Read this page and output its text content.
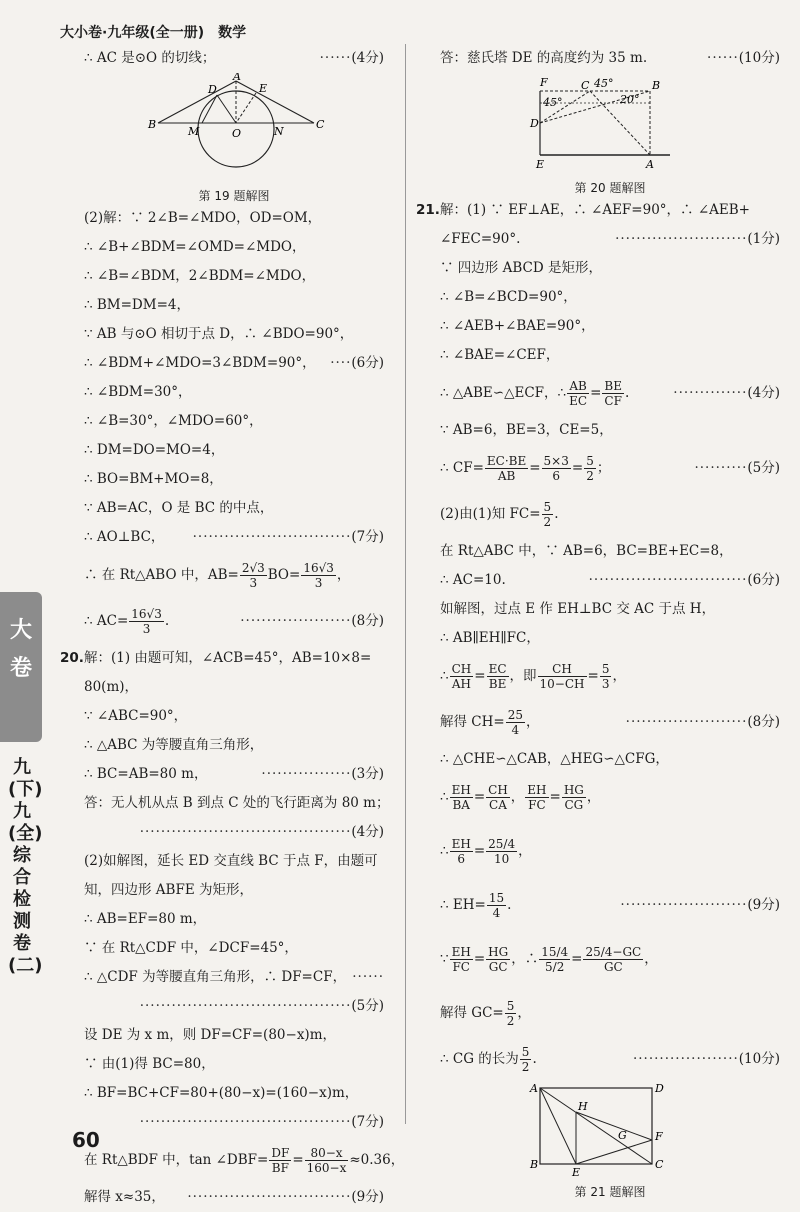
大小卷·九年级(全一册) 数学
∴ AC 是⊙O 的切线；	······(4分)
A
D	E
B
M	O	N
C
第 19 题解图
(2)解：∵ 2∠B=∠MDO，OD=OM，
∴ ∠B+∠BDM=∠OMD=∠MDO，
∴ ∠B=∠BDM，2∠BDM=∠MDO，
∴ BM=DM=4，
∵ AB 与⊙O 相切于点 D，∴ ∠BDO=90°，
∴ ∠BDM+∠MDO=3∠BDM=90°， ····(6分)
∴ ∠BDM=30°，
∴ ∠B=30°，∠MDO=60°，
∴ DM=DO=MO=4，
∴ BO=BM+MO=8，
∵ AB=AC，O 是 BC 的中点，
∴ AO⊥BC， ······························(7分)
∴ 在 Rt△ABO 中，$AB= \frac{2√3}{3} BO= \frac{16√3}{3}$ ，
∴ $AC= \frac{16√3}{3}$ .	·····················(8分)
20. 解：(1) 由题可知，∠ACB=45°，AB=10×8=
80(m)，
∵ ∠ABC=90°，
∴ △ABC 为等腰直角三角形，
∴ BC=AB=80 m，	·················(3分)
答：无人机从点 B 到点 C 处的飞行距离为 80 m；
········································(4分)
(2)如解图，延长 ED 交直线 BC 于点 F，由题可
知，四边形 ABFE 为矩形，
∴ AB=EF=80 m，
∵ 在 Rt△CDF 中，∠DCF=45°，
∴ △CDF 为等腰直角三角形，∴ DF=CF， ······
········································(5分)
设 DE 为 x m，则 DF=CF=(80−x)m，
∵ 由(1)得 BC=80，
∴ BF=BC+CF=80+(80−x)=(160−x)m，
········································(7分)
在 Rt△BDF 中，tan ∠DBF= $\frac{DF}{BF} = \frac{80-x}{160-x} \approx 0.36$，
解得 x≈35， ·······························(9分)
答：慈氏塔 DE 的高度约为 35 m.	······(10分)
F	C	B
D
E	A
45°
45°	20°
第 20 题解图
21. 解：(1) ∵ EF⊥AE，∴ ∠AEF=90°，∴ ∠AEB+
∠FEC=90°.	·························(1分)
∵ 四边形 ABCD 是矩形，
∴ ∠B=∠BCD=90°，
∴ ∠AEB+∠BAE=90°，
∴ ∠BAE=∠CEF，
∴ △ABE∽△ECF，∴ $\frac{AB}{EC} = \frac{BE}{CF}$ .	··············(4分)
∵ AB=6，BE=3，CE=5，
∴ $CF= \frac{EC\cdot BE}{AB} = \frac{5\times 3}{6} = \frac{5}{2}$ ；	··········(5分)
(2)由(1)知 $FC= \frac{5}{2}$ .
在 Rt△ABC 中，∵ AB=6，BC=BE+EC=8，
∴ AC=10.	······························(6分)
如解图，过点 E 作 EH⊥BC 交 AC 于点 H，
∴ AB∥EH∥FC，
∴ $\frac{CH}{AH} = \frac{EC}{BE}$ ，即 $\frac{CH}{10-CH} = \frac{5}{3}$ ，
解得 $CH= \frac{25}{4}$ ，	·······················(8分)
∴ △CHE∽△CAB，△HEG∽△CFG，
∴ $\frac{EH}{BA} = \frac{CH}{CA}$ ， $\frac{EH}{FC} = \frac{HG}{CG}$ ，
∴ $\frac{EH}{6} = \frac{25/4}{10}$ ，
∴ $EH= \frac{15}{4}$ .	························(9分)
∵ $\frac{EH}{FC} = \frac{HG}{GC}$ ，∴ $\frac{15/4}{5/2} = \frac{25/4-GC}{GC}$ ，
解得 $GC= \frac{5}{2}$ ，
∴ CG 的长为 $\frac{5}{2}$ .	····················(10分)
A	D
H
G	F
B
E
C
第 21 题解图
大
卷
九(下)九(全)综合检测卷(二)
60
